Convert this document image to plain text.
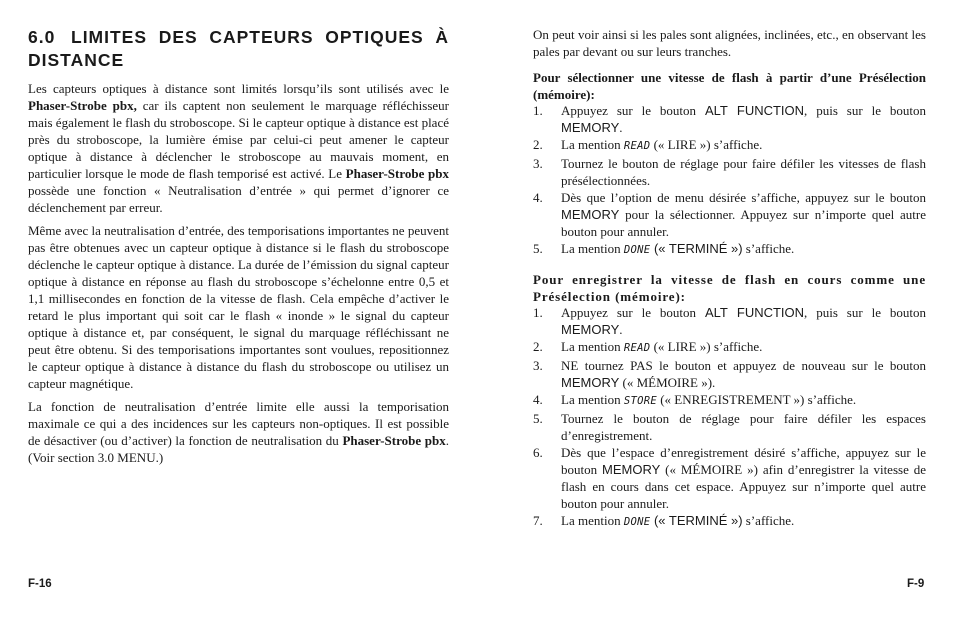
6.0 LIMITES DES CAPTEURS OPTIQUES À DISTANCE

Les capteurs optiques à distance sont limités lorsqu’ils sont utilisés avec le Phaser-Strobe pbx, car ils captent non seulement le marquage réfléchisseur mais également le flash du stroboscope. Si le capteur optique à distance est placé près du stroboscope, la lumière émise par celui-ci peut amener le capteur optique à distance à déclencher le stroboscope au mauvais moment, en particulier lorsque le mode de flash temporisé est activé. Le Phaser-Strobe pbx possède une fonction « Neutralisation d’entrée » qui permet d’ignorer ce déclenchement par erreur.

Même avec la neutralisation d’entrée, des temporisations importantes ne peuvent pas être obtenues avec un capteur optique à distance si le flash du stroboscope déclenche le capteur optique à distance. La durée de l’émission du signal capteur optique à distance en réponse au flash du stroboscope s’échelonne entre 0,5 et 1,1 millisecondes en fonction de la vitesse de flash. Cela empêche d’activer le retard le plus important qui soit car le flash « inonde » le signal du capteur optique à distance et, par conséquent, le signal du marquage réfléchissant ne peut être obtenu. Si des temporisations importantes sont voulues, repositionnez le capteur optique à distance à distance du flash du stroboscope ou utilisez un capteur magnétique.

La fonction de neutralisation d’entrée limite elle aussi la temporisation maximale ce qui a des incidences sur les capteurs non-optiques. Il est possible de désactiver (ou d’activer) la fonction de neutralisation du Phaser-Strobe pbx. (Voir section 3.0 MENU.)

F-16

On peut voir ainsi si les pales sont alignées, inclinées, etc., en observant les pales par devant ou sur leurs tranches.

Pour sélectionner une vitesse de flash à partir d’une Présélection (mémoire):

1. Appuyez sur le bouton ALT FUNCTION, puis sur le bouton MEMORY.
2. La mention READ (« LIRE ») s’affiche.
3. Tournez le bouton de réglage pour faire défiler les vitesses de flash présélectionnées.
4. Dès que l’option de menu désirée s’affiche, appuyez sur le bouton MEMORY pour la sélectionner. Appuyez sur n’importe quel autre bouton pour annuler.
5. La mention DONE (« TERMINÉ ») s’affiche.

Pour enregistrer la vitesse de flash en cours comme une Présélection (mémoire):

1. Appuyez sur le bouton ALT FUNCTION, puis sur le bouton MEMORY.
2. La mention READ (« LIRE ») s’affiche.
3. NE tournez PAS le bouton et appuyez de nouveau sur le bouton MEMORY (« MÉMOIRE »).
4. La mention STORE (« ENREGISTREMENT ») s’affiche.
5. Tournez le bouton de réglage pour faire défiler les espaces d’enregistrement.
6. Dès que l’espace d’enregistrement désiré s’affiche, appuyez sur le bouton MEMORY (« MÉMOIRE ») afin d’enregistrer la vitesse de flash en cours dans cet espace. Appuyez sur n’importe quel autre bouton pour annuler.
7. La mention DONE (« TERMINÉ ») s’affiche.
F-9
